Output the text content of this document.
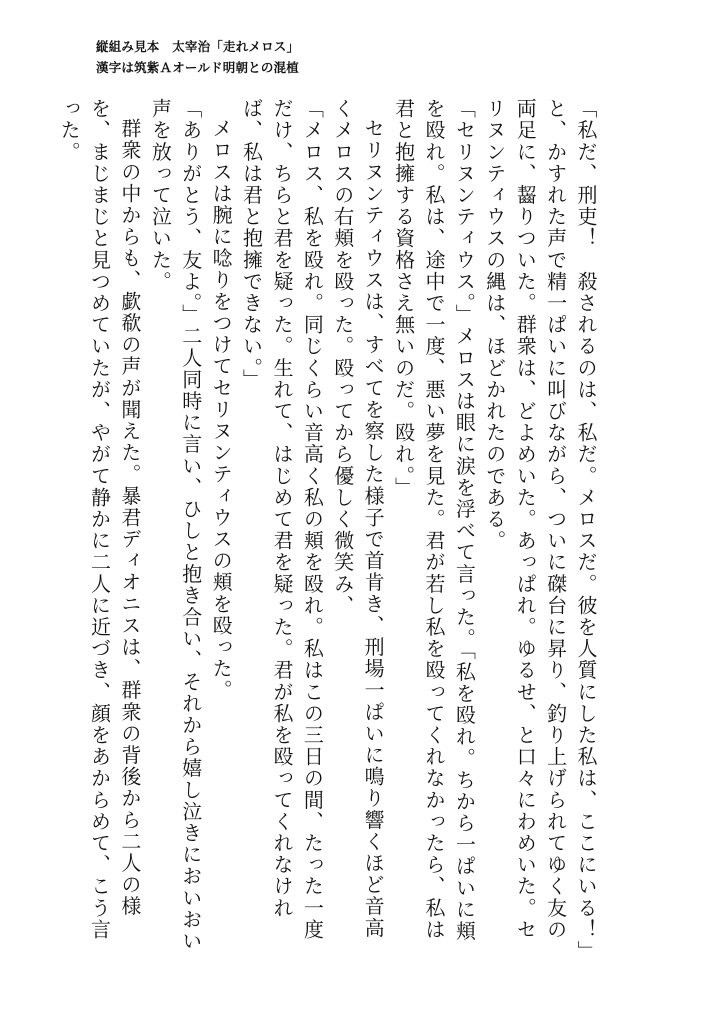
縦組み見本　太宰治「走れメロス」
漢字は筑紫Ａオールド明朝との混植

「私だ、刑吏！　殺されるのは、私だ。メロスだ。彼を人質にした私は、ここにいる！」と、かすれた声で精一ぱいに叫びながら、ついに磔台に昇り、釣り上げられてゆく友の両足に、齧りついた。群衆は、どよめいた。あっぱれ。ゆるせ、と口々にわめいた。セリヌンティウスの縄は、ほどかれたのである。

「セリヌンティウス。」メロスは眼に涙を浮べて言った。「私を殴れ。ちから一ぱいに頬を殴れ。私は、途中で一度、悪い夢を見た。君が若し私を殴ってくれなかったら、私は君と抱擁する資格さえ無いのだ。殴れ。」

セリヌンティウスは、すべてを察した様子で首肯き、刑場一ぱいに鳴り響くほど音高くメロスの右頬を殴った。殴ってから優しく微笑み、

「メロス、私を殴れ。同じくらい音高く私の頬を殴れ。私はこの三日の間、たった一度だけ、ちらと君を疑った。生れて、はじめて君を疑った。君が私を殴ってくれなければ、私は君と抱擁できない。」

メロスは腕に唸りをつけてセリヌンティウスの頬を殴った。

「ありがとう、友よ。」二人同時に言い、ひしと抱き合い、それから嬉し泣きにおいおい声を放って泣いた。

群衆の中からも、歔欷の声が聞えた。暴君ディオニスは、群衆の背後から二人の様を、まじまじと見つめていたが、やがて静かに二人に近づき、顔をあからめて、こう言った。
